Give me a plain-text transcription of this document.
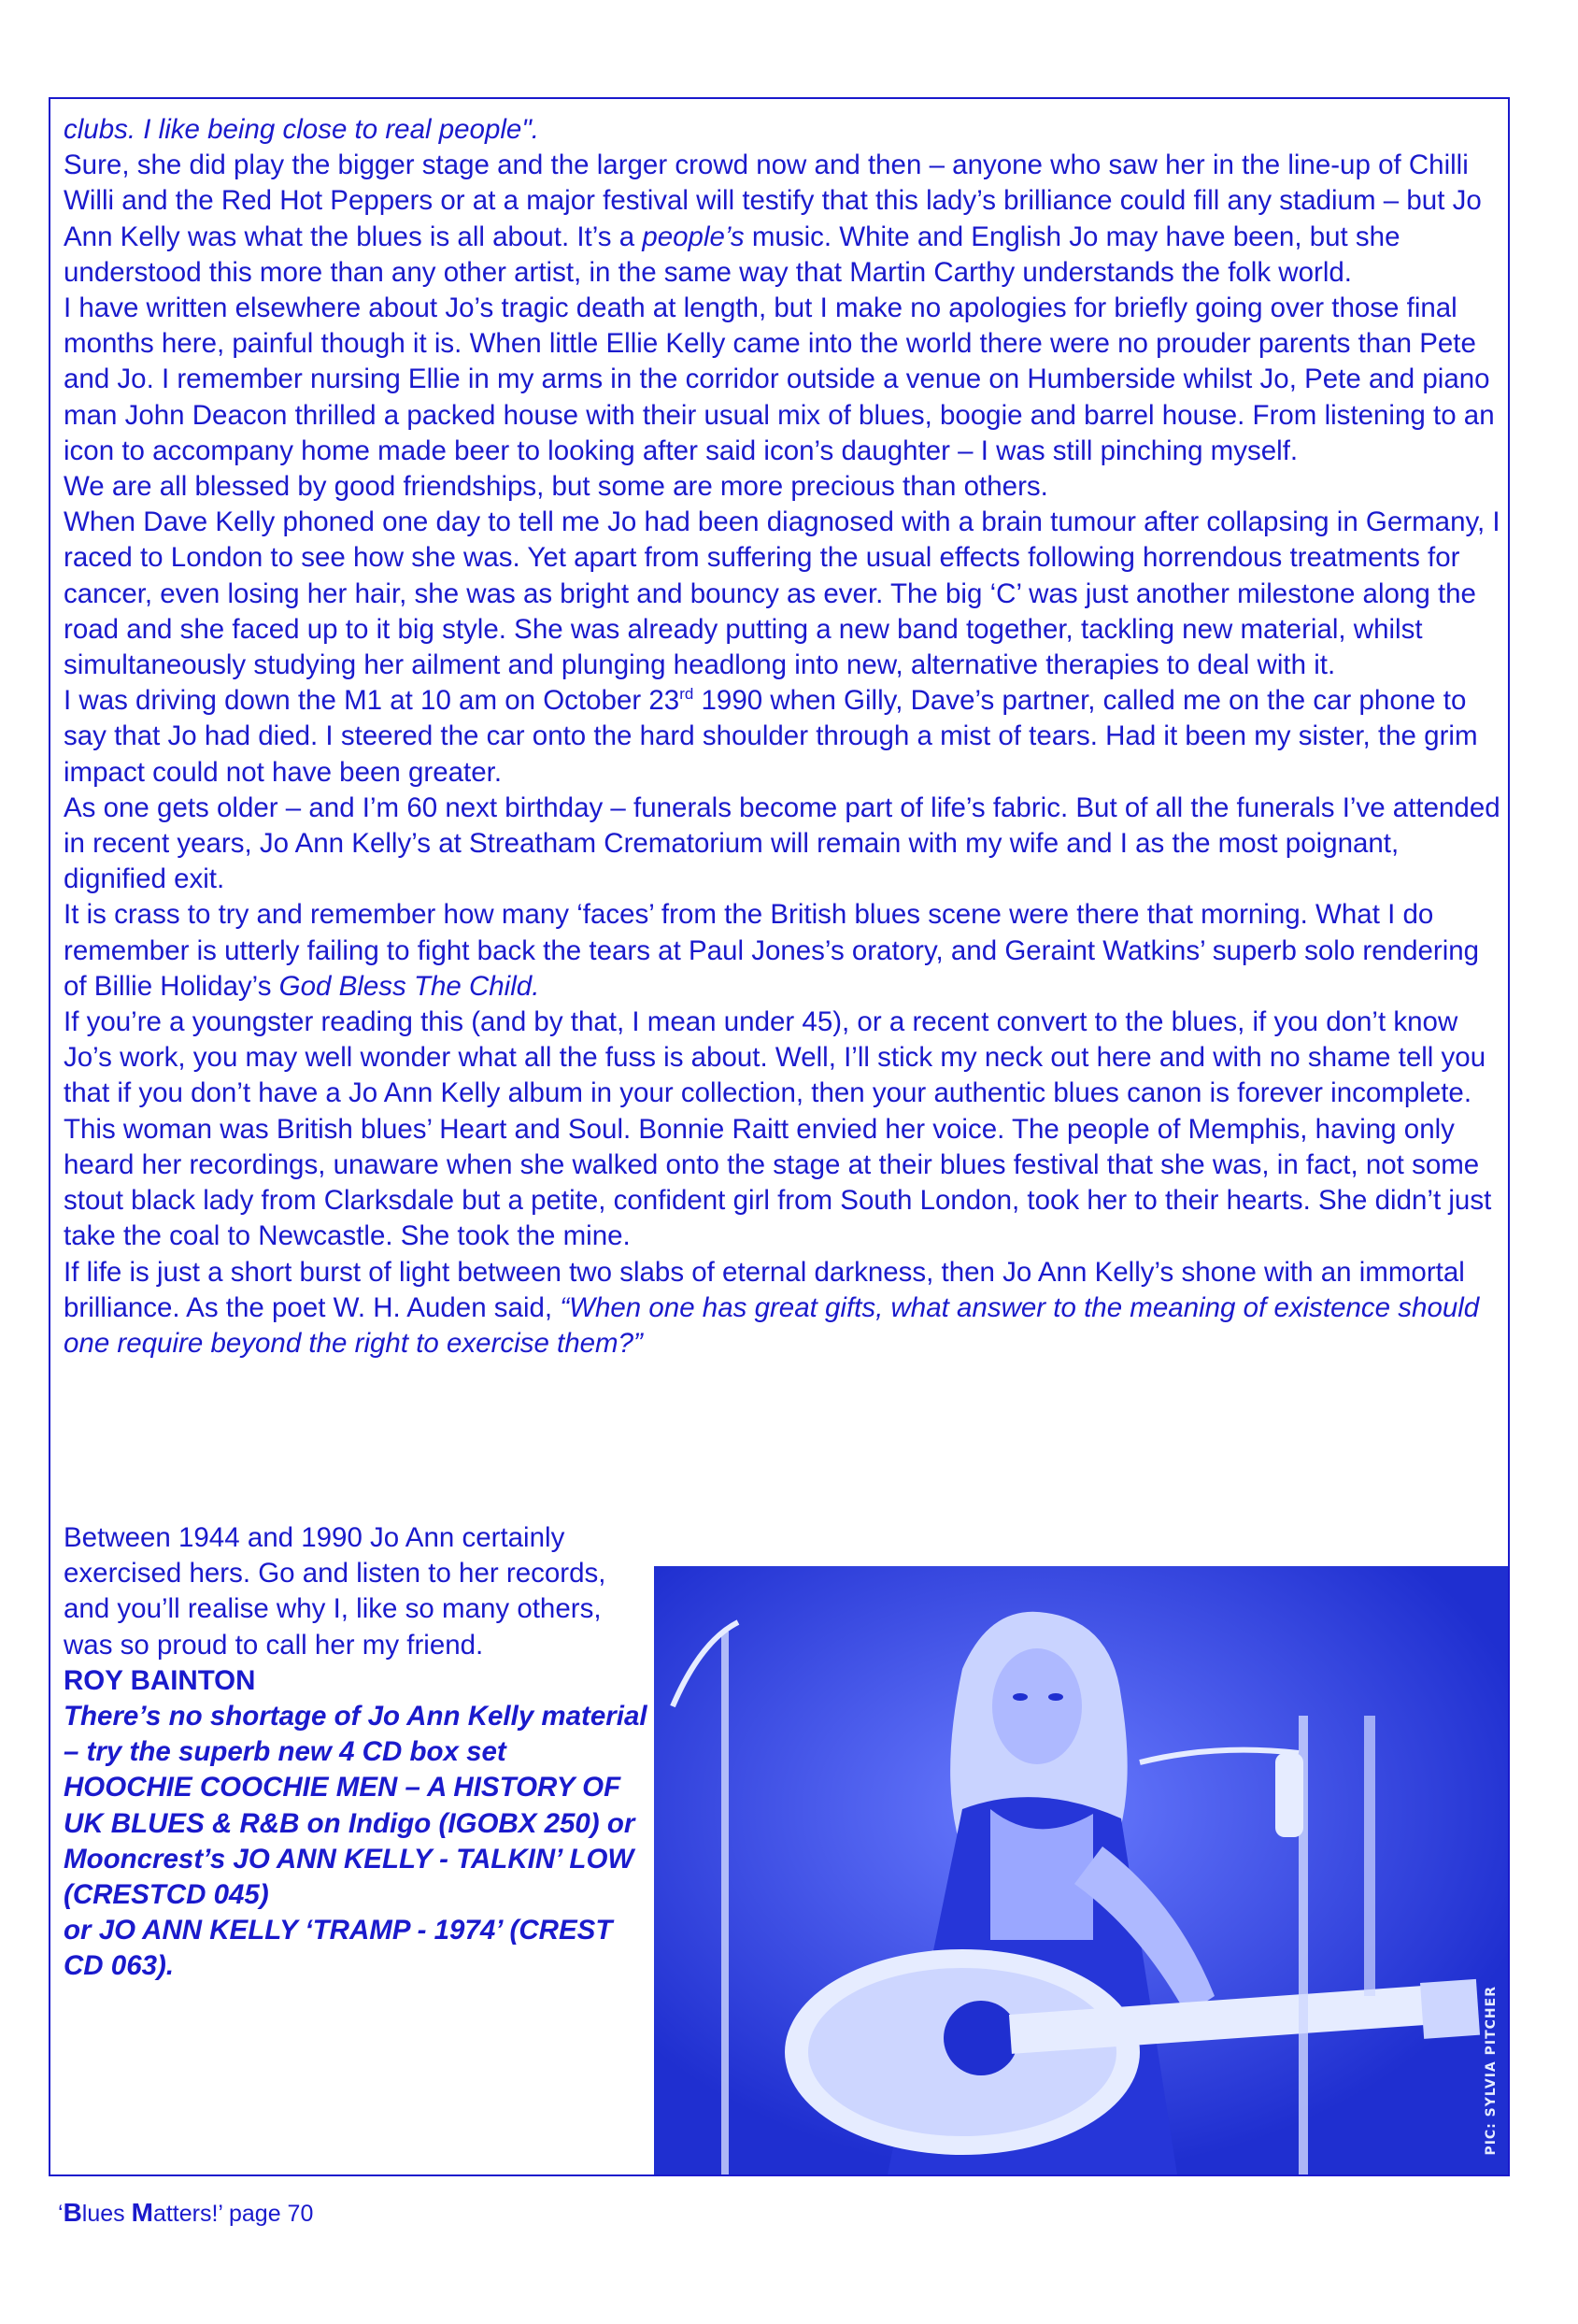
clubs. I like being close to real people".

Sure, she did play the bigger stage and the larger crowd now and then – anyone who saw her in the line-up of Chilli Willi and the Red Hot Peppers or at a major festival will testify that this lady’s brilliance could fill any stadium – but Jo Ann Kelly was what the blues is all about. It’s a people’s music. White and English Jo may have been, but she understood this more than any other artist, in the same way that Martin Carthy understands the folk world.

I have written elsewhere about Jo’s tragic death at length, but I make no apologies for briefly going over those final months here, painful though it is. When little Ellie Kelly came into the world there were no prouder parents than Pete and Jo. I remember nursing Ellie in my arms in the corridor outside a venue on Humberside whilst Jo, Pete and piano man John Deacon thrilled a packed house with their usual mix of blues, boogie and barrel house. From listening to an icon to accompany home made beer to looking after said icon’s daughter – I was still pinching myself.

We are all blessed by good friendships, but some are more precious than others.

When Dave Kelly phoned one day to tell me Jo had been diagnosed with a brain tumour after collapsing in Germany, I raced to London to see how she was. Yet apart from suffering the usual effects following horrendous treatments for cancer, even losing her hair, she was as bright and bouncy as ever. The big ‘C’ was just another milestone along the road and she faced up to it big style. She was already putting a new band together, tackling new material, whilst simultaneously studying her ailment and plunging headlong into new, alternative therapies to deal with it.

I was driving down the M1 at 10 am on October 23rd 1990 when Gilly, Dave’s partner, called me on the car phone to say that Jo had died. I steered the car onto the hard shoulder through a mist of tears. Had it been my sister, the grim impact could not have been greater.

As one gets older – and I’m 60 next birthday – funerals become part of life’s fabric. But of all the funerals I’ve attended in recent years, Jo Ann Kelly’s at Streatham Crematorium will remain with my wife and I as the most poignant, dignified exit.

It is crass to try and remember how many ‘faces’ from the British blues scene were there that morning. What I do remember is utterly failing to fight back the tears at Paul Jones’s oratory, and Geraint Watkins’ superb solo rendering of Billie Holiday’s God Bless The Child.

If you’re a youngster reading this (and by that, I mean under 45), or a recent convert to the blues, if you don’t know Jo’s work, you may well wonder what all the fuss is about. Well, I’ll stick my neck out here and with no shame tell you that if you don’t have a Jo Ann Kelly album in your collection, then your authentic blues canon is forever incomplete. This woman was British blues’ Heart and Soul. Bonnie Raitt envied her voice. The people of Memphis, having only heard her recordings, unaware when she walked onto the stage at their blues festival that she was, in fact, not some stout black lady from Clarksdale but a petite, confident girl from South London, took her to their hearts. She didn’t just take the coal to Newcastle. She took the mine.

If life is just a short burst of light between two slabs of eternal darkness, then Jo Ann Kelly’s shone with an immortal brilliance. As the poet W. H. Auden said, “When one has great gifts, what answer to the meaning of existence should one require beyond the right to exercise them?”

Between 1944 and 1990 Jo Ann certainly exercised hers. Go and listen to her records, and you’ll realise why I, like so many others, was so proud to call her my friend.

ROY BAINTON

There’s no shortage of Jo Ann Kelly material – try the superb new 4 CD box set

HOOCHIE COOCHIE MEN – A HISTORY OF UK BLUES & R&B on Indigo (IGOBX 250) or Mooncrest’s JO ANN KELLY - TALKIN’ LOW (CRESTCD 045)

or JO ANN KELLY ‘TRAMP - 1974’ (CREST CD 063).

PIC: SYLVIA PITCHER
‘Blues Matters!’ page 70
